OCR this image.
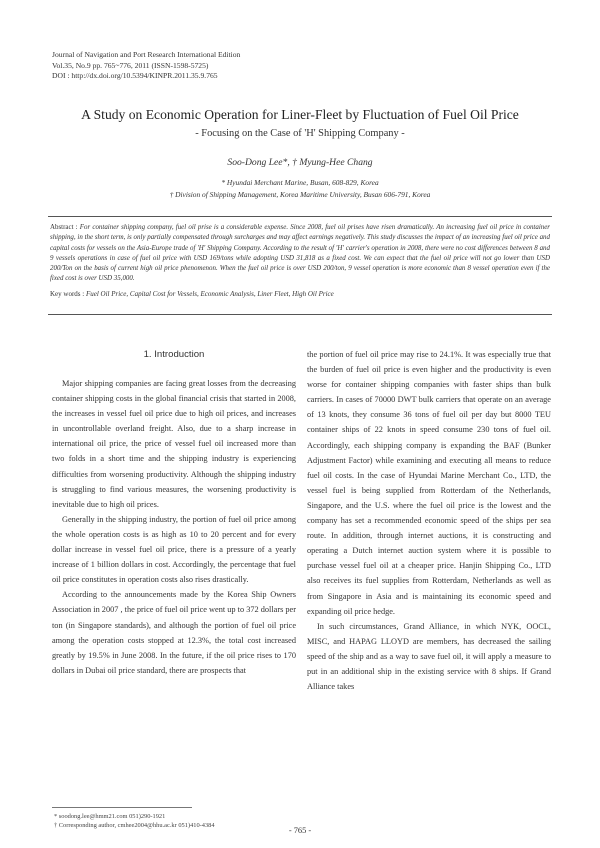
Journal of Navigation and Port Research International Edition
Vol.35, No.9 pp. 765~776, 2011 (ISSN-1598-5725)
DOI : http://dx.doi.org/10.5394/KINPR.2011.35.9.765
A Study on Economic Operation for Liner-Fleet by Fluctuation of Fuel Oil Price
- Focusing on the Case of 'H' Shipping Company -
Soo-Dong Lee*, † Myung-Hee Chang
* Hyundai Merchant Marine, Busan, 608-829, Korea
† Division of Shipping Management, Korea Maritime University, Busan 606-791, Korea
Abstract : For container shipping company, fuel oil prise is a considerable expense. Since 2008, fuel oil prises have risen dramatically. An increasing fuel oil price in container shipping, in the short term, is only partially compensated through surcharges and may affect earnings negatively. This study discusses the impact of an increasing fuel oil price and capital costs for vessels on the Asia-Europe trade of 'H' Shipping Company. According to the result of 'H' carrier's operation in 2008, there were no cost differences between 8 and 9 vessels operations in case of fuel oil price with USD 169/tons while adopting USD 31,818 as a fixed cost. We can expect that the fuel oil price will not go lower than USD 200/Ton on the basis of current high oil price phenomenon. When the fuel oil price is over USD 200/ton, 9 vessel operation is more economic than 8 vessel operation even if the fixed cost is over USD 35,000.
Key words : Fuel Oil Price, Capital Cost for Vessels, Economic Analysis, Liner Fleet, High Oil Price
1. Introduction

Major shipping companies are facing great losses from the decreasing container shipping costs in the global financial crisis that started in 2008, the increases in vessel fuel oil price due to high oil prices, and increases in uncontrollable overland freight. Also, due to a sharp increase in international oil price, the price of vessel fuel oil increased more than two folds in a short time and the shipping industry is experiencing difficulties from worsening productivity. Although the shipping industry is struggling to find various measures, the worsening productivity is inevitable due to high oil prices.

Generally in the shipping industry, the portion of fuel oil price among the whole operation costs is as high as 10 to 20 percent and for every dollar increase in vessel fuel oil price, there is a pressure of a yearly increase of 1 billion dollars in cost. Accordingly, the percentage that fuel oil price constitutes in operation costs also rises drastically.

According to the announcements made by the Korea Ship Owners Association in 2007 , the price of fuel oil price went up to 372 dollars per ton (in Singapore standards), and although the portion of fuel oil price among the operation costs stopped at 12.3%, the total cost increased greatly by 19.5% in June 2008. In the future, if the oil price rises to 170 dollars in Dubai oil price standard, there are prospects that

the portion of fuel oil price may rise to 24.1%. It was especially true that the burden of fuel oil price is even higher and the productivity is even worse for container shipping companies with faster ships than bulk carriers. In cases of 70000 DWT bulk carriers that operate on an average of 13 knots, they consume 36 tons of fuel oil per day but 8000 TEU container ships of 22 knots in speed consume 230 tons of fuel oil. Accordingly, each shipping company is expanding the BAF (Bunker Adjustment Factor) while examining and executing all means to reduce fuel oil costs. In the case of Hyundai Marine Merchant Co., LTD, the vessel fuel is being supplied from Rotterdam of the Netherlands, Singapore, and the U.S. where the fuel oil price is the lowest and the company has set a recommended economic speed of the ships per sea route. In addition, through internet auctions, it is constructing and operating a Dutch internet auction system where it is possible to purchase vessel fuel oil at a cheaper price. Hanjin Shipping Co., LTD also receives its fuel supplies from Rotterdam, Netherlands as well as from Singapore in Asia and is maintaining its economic speed and expanding oil price hedge.

In such circumstances, Grand Alliance, in which NYK, OOCL, MISC, and HAPAG LLOYD are members, has decreased the sailing speed of the ship and as a way to save fuel oil, it will apply a measure to put in an additional ship in the existing service with 8 ships. If Grand Alliance takes

* soodong.lee@hmm21.com 051)290-1921
† Corresponding author, cmhee2004@hhu.ac.kr 051)410-4384
- 765 -
